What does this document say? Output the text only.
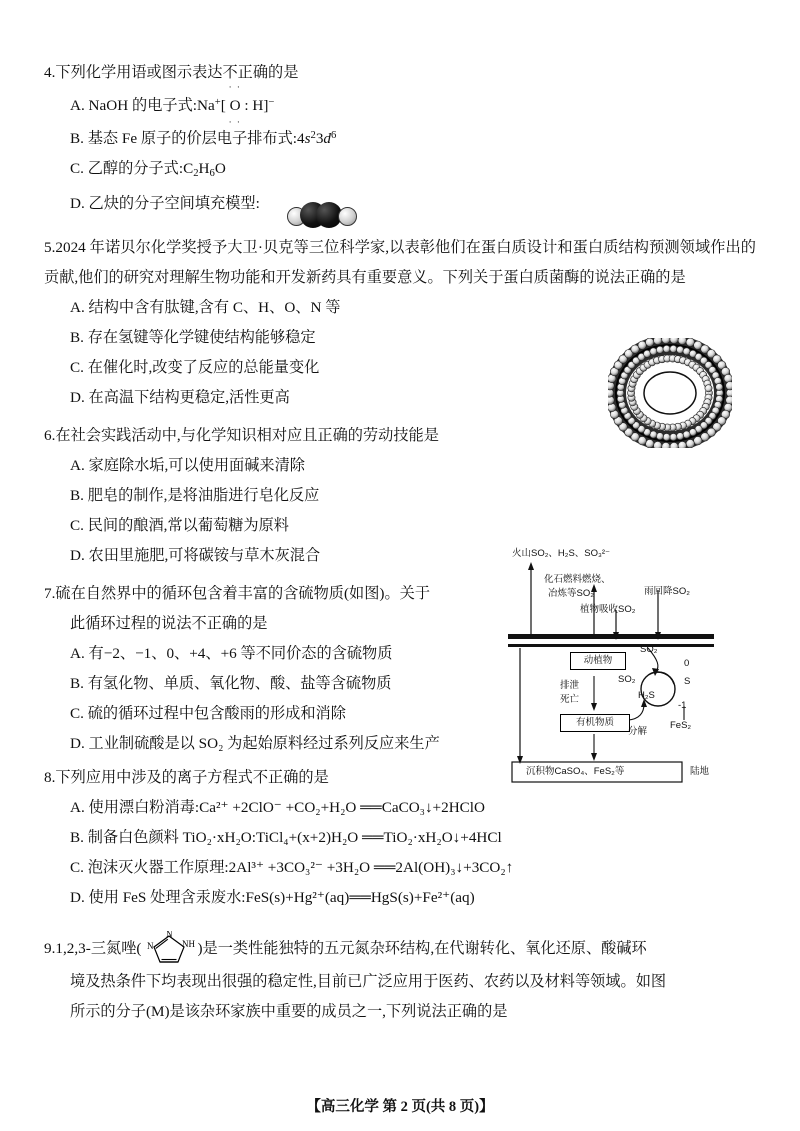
4.下列化学用语或图示表达不正确的是
A. NaOH 的电子式:Na+[ O
· ·
· ·
: H]−
B. 基态 Fe 原子的价层电子排布式$:4s^23d^6$
C. 乙醇的分子式$:C_2H_6O$
D. 乙炔的分子空间填充模型:
5.2024 年诺贝尔化学奖授予大卫·贝克等三位科学家,以表彰他们在蛋白质设计和蛋白质结构预测领域作出的贡献,他们的研究对理解生物功能和开发新药具有重要意义。下列关于蛋白质菌酶的说法正确的是
A. 结构中含有肽键,含有 C、H、O、N 等
B. 存在氢键等化学键使结构能够稳定
C. 在催化时,改变了反应的总能量变化
D. 在高温下结构更稳定,活性更高
6.在社会实践活动中,与化学知识相对应且正确的劳动技能是
A. 家庭除水垢,可以使用面碱来清除
B. 肥皂的制作,是将油脂进行皂化反应
C. 民间的酿酒,常以葡萄糖为原料
D. 农田里施肥,可将碳铵与草木灰混合
7.硫在自然界中的循环包含着丰富的含硫物质(如图)。关于
此循环过程的说法不正确的是
A. 有−2、−1、0、+4、+6 等不同价态的含硫物质
B. 有氢化物、单质、氧化物、酸、盐等含硫物质
C. 硫的循环过程中包含酸雨的形成和消除
D. 工业制硫酸是以 SO₂ 为起始原料经过系列反应来生产
8.下列应用中涉及的离子方程式不正确的是
A. 使用漂白粉消毒:Ca²⁺ +2ClO⁻ +CO₂+H₂O ══CaCO₃↓+2HClO
B. 制备白色颜料 TiO₂·xH₂O:TiCl₄+(x+2)H₂O ══TiO₂·xH₂O↓+4HCl
C. 泡沫灭火器工作原理:2Al³⁺ +3CO₃²⁻ +3H₂O ══2Al(OH)₃↓+3CO₂↑
D. 使用 FeS 处理含汞废水:FeS(s)+Hg²⁺(aq)══HgS(s)+Fe²⁺(aq)
9.1,2,3-三氮唑(
N
NH
N	)是一类性能独特的五元氮杂环结构,在代谢转化、氧化还原、酸碱环
境及热条件下均表现出很强的稳定性,目前已广泛应用于医药、农药以及材料等领域。如图
所示的分子(M)是该杂环家族中重要的成员之一,下列说法正确的是
火山SO₂、H₂S、SO₃²⁻
化石燃料燃烧、
冶炼等SO₂	雨回降SO₂
植物吸收SO₂
动植物
有机物质
SO₂
SO₂
排泄
死亡	H₂S
分解
FeS₂
0
S
-1
沉积物CaSO₄、FeS₂等	陆地
【高三化学 第 2 页(共 8 页)】
